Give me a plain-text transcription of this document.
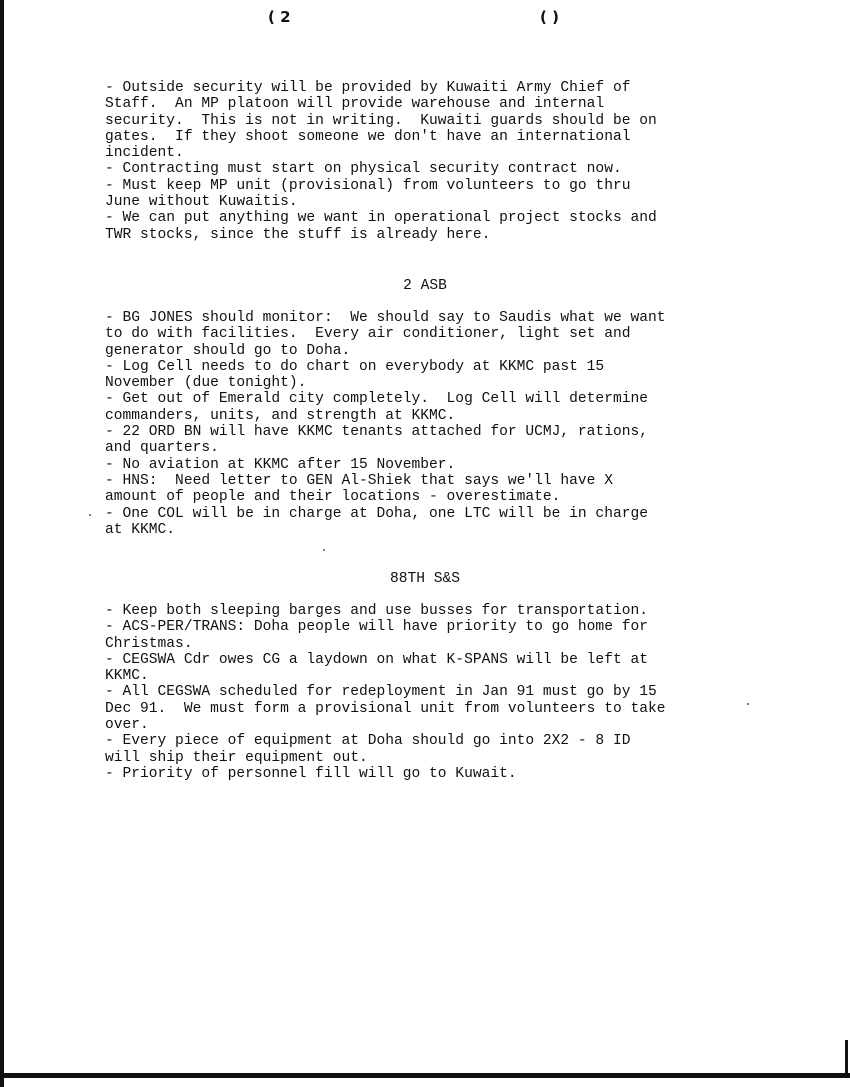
( 2	( )

- Outside security will be provided by Kuwaiti Army Chief of

Staff.  An MP platoon will provide warehouse and internal

security.  This is not in writing.  Kuwaiti guards should be on

gates.  If they shoot someone we don't have an international

incident.

- Contracting must start on physical security contract now.

- Must keep MP unit (provisional) from volunteers to go thru

June without Kuwaitis.

- We can put anything we want in operational project stocks and

TWR stocks, since the stuff is already here.

2 ASB

- BG JONES should monitor:  We should say to Saudis what we want

to do with facilities.  Every air conditioner, light set and

generator should go to Doha.

- Log Cell needs to do chart on everybody at KKMC past 15

November (due tonight).

- Get out of Emerald city completely.  Log Cell will determine

commanders, units, and strength at KKMC.

- 22 ORD BN will have KKMC tenants attached for UCMJ, rations,

and quarters.

- No aviation at KKMC after 15 November.

- HNS:  Need letter to GEN Al-Shiek that says we'll have X

amount of people and their locations - overestimate.

- One COL will be in charge at Doha, one LTC will be in charge

at KKMC.

88TH S&S

- Keep both sleeping barges and use busses for transportation.

- ACS-PER/TRANS: Doha people will have priority to go home for

Christmas.

- CEGSWA Cdr owes CG a laydown on what K-SPANS will be left at

KKMC.

- All CEGSWA scheduled for redeployment in Jan 91 must go by 15

Dec 91.  We must form a provisional unit from volunteers to take

over.

- Every piece of equipment at Doha should go into 2X2 - 8 ID

will ship their equipment out.

- Priority of personnel fill will go to Kuwait.
